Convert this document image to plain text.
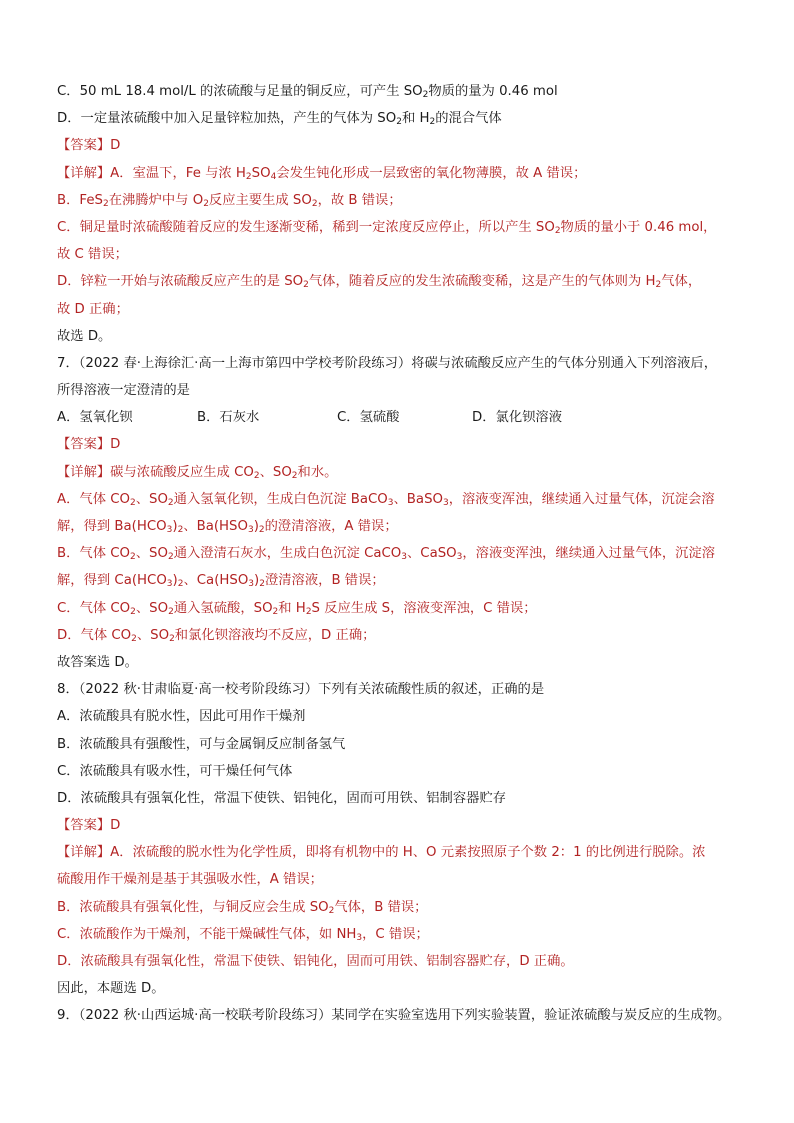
C．50 mL 18.4 mol/L 的浓硫酸与足量的铜反应，可产生 $SO_2$物质的量为 0.46 mol
D．一定量浓硫酸中加入足量锌粒加热，产生的气体为 $SO_2$和 $H_2$的混合气体
【答案】D
【详解】A．室温下，Fe 与浓 $H_2SO_4$会发生钝化形成一层致密的氧化物薄膜，故 A 错误；
B．FeS$_2$在沸腾炉中与 $O_2$反应主要生成 $SO_2$，故 B 错误；
C．铜足量时浓硫酸随着反应的发生逐渐变稀，稀到一定浓度反应停止，所以产生 $SO_2$物质的量小于 0.46 mol，
故 C 错误；
D．锌粒一开始与浓硫酸反应产生的是 $SO_2$气体，随着反应的发生浓硫酸变稀，这是产生的气体则为 $H_2$气体，
故 D 正确；
故选 D。
7．（2022 春·上海徐汇·高一上海市第四中学校考阶段练习）将碳与浓硫酸反应产生的气体分别通入下列溶液后，
所得溶液一定澄清的是
A．氢氧化钡	B．石灰水	C．氢硫酸	D．氯化钡溶液
【答案】D
【详解】碳与浓硫酸反应生成 $CO_2$、$SO_2$和水。
A．气体 $CO_2$、$SO_2$通入氢氧化钡，生成白色沉淀 BaCO$_3$、BaSO$_3$，溶液变浑浊，继续通入过量气体，沉淀会溶
解，得到 $Ba(HCO_3)_2$、$Ba(HSO_3)_2$的澄清溶液，A 错误；
B．气体 $CO_2$、$SO_2$通入澄清石灰水，生成白色沉淀 CaCO$_3$、CaSO$_3$，溶液变浑浊，继续通入过量气体，沉淀溶
解，得到 $Ca(HCO_3)_2$、$Ca(HSO_3)_2$澄清溶液，B 错误；
C．气体 $CO_2$、$SO_2$通入氢硫酸，$SO_2$和 $H_2S$ 反应生成 S，溶液变浑浊，C 错误；
D．气体 $CO_2$、$SO_2$和氯化钡溶液均不反应，D 正确；
故答案选 D。
8．（2022 秋·甘肃临夏·高一校考阶段练习）下列有关浓硫酸性质的叙述，正确的是
A．浓硫酸具有脱水性，因此可用作干燥剂
B．浓硫酸具有强酸性，可与金属铜反应制备氢气
C．浓硫酸具有吸水性，可干燥任何气体
D．浓硫酸具有强氧化性，常温下使铁、铝钝化，固而可用铁、铝制容器贮存
【答案】D
【详解】A．浓硫酸的脱水性为化学性质，即将有机物中的 H、O 元素按照原子个数 2：1 的比例进行脱除。浓
硫酸用作干燥剂是基于其强吸水性，A 错误；
B．浓硫酸具有强氧化性，与铜反应会生成 $SO_2$气体，B 错误；
C．浓硫酸作为干燥剂，不能干燥碱性气体，如 $NH_3$，C 错误；
D．浓硫酸具有强氧化性，常温下使铁、铝钝化，固而可用铁、铝制容器贮存，D 正确。
因此，本题选 D。
9．（2022 秋·山西运城·高一校联考阶段练习）某同学在实验室选用下列实验装置，验证浓硫酸与炭反应的生成物。
